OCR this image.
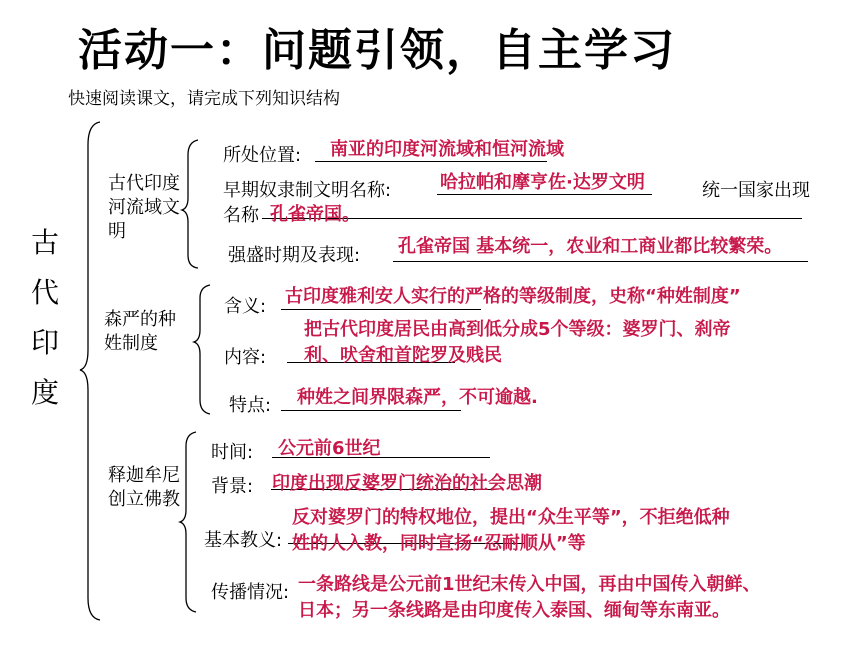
活动一：问题引领，自主学习
快速阅读课文，请完成下列知识结构
古代印度
古代印度河流域文明
森严的种姓制度
释迦牟尼创立佛教
所处位置: 南亚的印度河流域和恒河流域
早期奴隶制文明名称:	哈拉帕和摩亨佐·达罗文明	统一国家出现
名称 孔雀帝国。
强盛时期及表现: 孔雀帝国 基本统一，农业和工商业都比较繁荣。
含义: 古印度雅利安人实行的严格的等级制度，史称“种姓制度”
把古代印度居民由高到低分成5个等级：婆罗门、刹帝
内容: 利、吠舍和首陀罗及贱民
特点: 种姓之间界限森严，不可逾越.
时间: 公元前6世纪
背景: 印度出现反婆罗门统治的社会思潮
反对婆罗门的特权地位，提出“众生平等”，不拒绝低种
基本教义: 姓的人入教，同时宣扬“忍耐顺从”等
传播情况: 一条路线是公元前1世纪末传入中国，再由中国传入朝鲜、
日本；另一条线路是由印度传入泰国、缅甸等东南亚。
